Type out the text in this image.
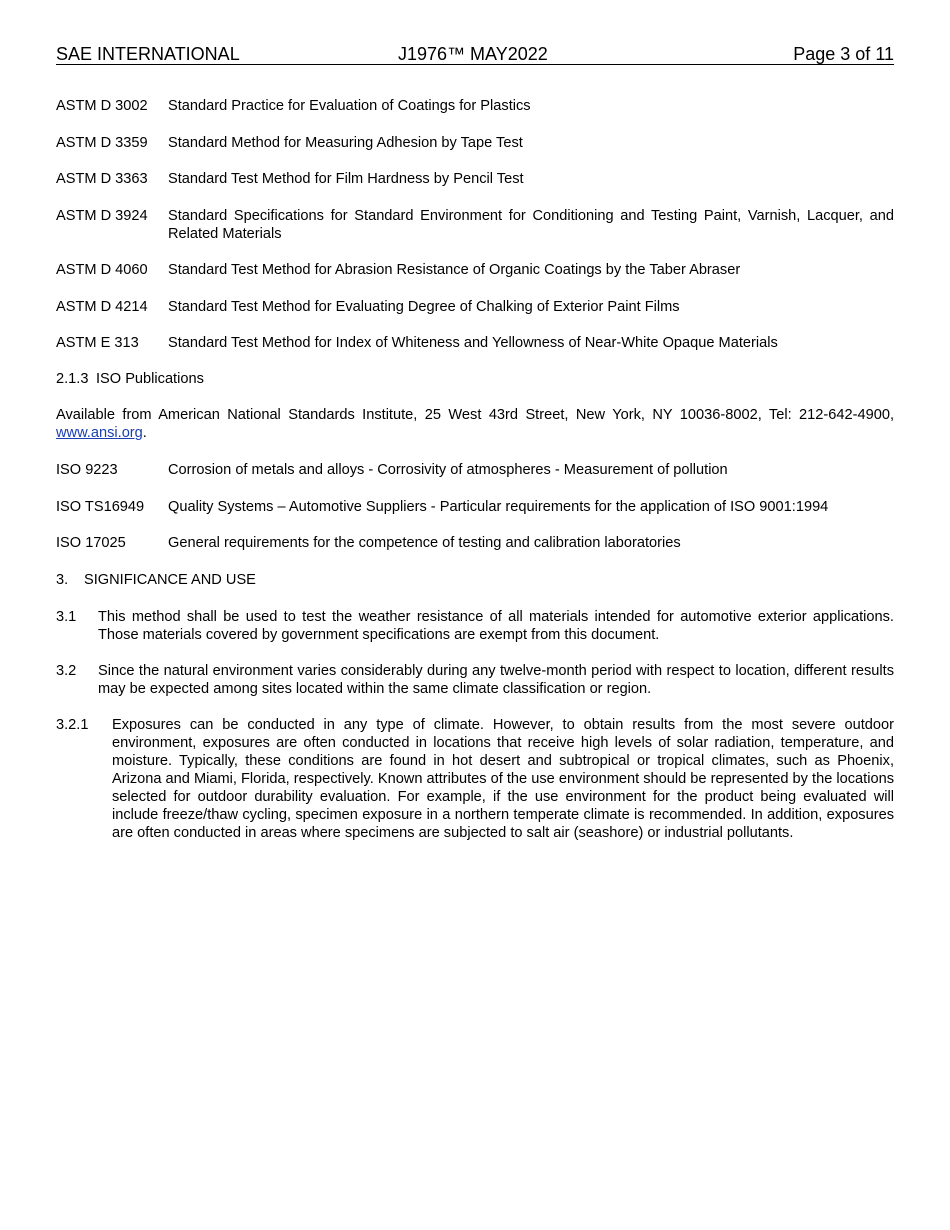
SAE INTERNATIONAL	J1976™ MAY2022	Page 3 of 11
ASTM D 3002	Standard Practice for Evaluation of Coatings for Plastics
ASTM D 3359	Standard Method for Measuring Adhesion by Tape Test
ASTM D 3363	Standard Test Method for Film Hardness by Pencil Test
ASTM D 3924	Standard Specifications for Standard Environment for Conditioning and Testing Paint, Varnish, Lacquer, and Related Materials
ASTM D 4060	Standard Test Method for Abrasion Resistance of Organic Coatings by the Taber Abraser
ASTM D 4214	Standard Test Method for Evaluating Degree of Chalking of Exterior Paint Films
ASTM E 313	Standard Test Method for Index of Whiteness and Yellowness of Near-White Opaque Materials
2.1.3 ISO Publications
Available from American National Standards Institute, 25 West 43rd Street, New York, NY 10036-8002, Tel: 212-642-4900, www.ansi.org.
ISO 9223	Corrosion of metals and alloys - Corrosivity of atmospheres - Measurement of pollution
ISO TS16949	Quality Systems – Automotive Suppliers - Particular requirements for the application of ISO 9001:1994
ISO 17025	General requirements for the competence of testing and calibration laboratories
3. SIGNIFICANCE AND USE
3.1	This method shall be used to test the weather resistance of all materials intended for automotive exterior applications. Those materials covered by government specifications are exempt from this document.
3.2	Since the natural environment varies considerably during any twelve-month period with respect to location, different results may be expected among sites located within the same climate classification or region.
3.2.1	Exposures can be conducted in any type of climate. However, to obtain results from the most severe outdoor environment, exposures are often conducted in locations that receive high levels of solar radiation, temperature, and moisture. Typically, these conditions are found in hot desert and subtropical or tropical climates, such as Phoenix, Arizona and Miami, Florida, respectively. Known attributes of the use environment should be represented by the locations selected for outdoor durability evaluation. For example, if the use environment for the product being evaluated will include freeze/thaw cycling, specimen exposure in a northern temperate climate is recommended. In addition, exposures are often conducted in areas where specimens are subjected to salt air (seashore) or industrial pollutants.
